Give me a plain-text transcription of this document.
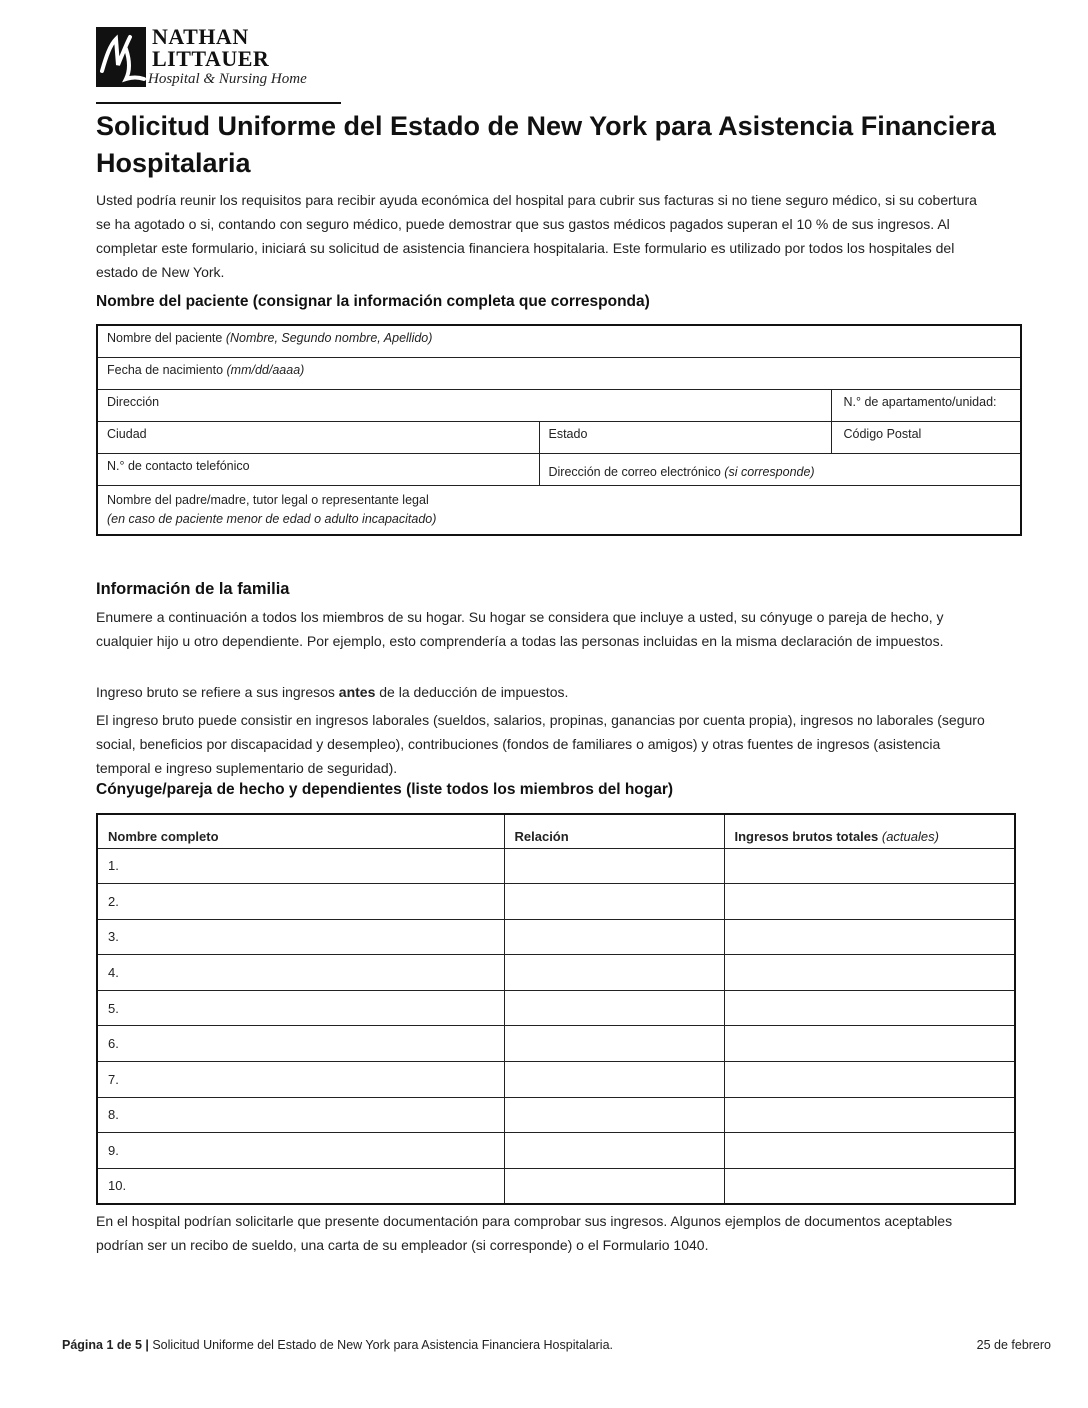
NATHAN
LITTAUER
Hospital & Nursing Home
Solicitud Uniforme del Estado de New York para Asistencia Financiera Hospitalaria

Usted podría reunir los requisitos para recibir ayuda económica del hospital para cubrir sus facturas si no tiene seguro médico, si su cobertura se ha agotado o si, contando con seguro médico, puede demostrar que sus gastos médicos pagados superan el 10 % de sus ingresos. Al completar este formulario, iniciará su solicitud de asistencia financiera hospitalaria. Este formulario es utilizado por todos los hospitales del estado de New York.

Nombre del paciente (consignar la información completa que corresponda)
Nombre del paciente (Nombre, Segundo nombre, Apellido)		
Fecha de nacimiento (mm/dd/aaaa)		
Dirección		N.° de apartamento/unidad:
Ciudad	Estado	Código Postal
N.° de contacto telefónico	Dirección de correo electrónico (si corresponde)	

Nombre del padre/madre, tutor legal o representante legal
(en caso de paciente menor de edad o adulto incapacitado)		
Información de la familia

Enumere a continuación a todos los miembros de su hogar. Su hogar se considera que incluye a usted, su cónyuge o pareja de hecho, y cualquier hijo u otro dependiente. Por ejemplo, esto comprendería a todas las personas incluidas en la misma declaración de impuestos.

Ingreso bruto se refiere a sus ingresos antes de la deducción de impuestos.

El ingreso bruto puede consistir en ingresos laborales (sueldos, salarios, propinas, ganancias por cuenta propia), ingresos no laborales (seguro social, beneficios por discapacidad y desempleo), contribuciones (fondos de familiares o amigos) y otras fuentes de ingresos (asistencia temporal e ingreso suplementario de seguridad).

Cónyuge/pareja de hecho y dependientes (liste todos los miembros del hogar)
Nombre completo	Relación	Ingresos brutos totales (actuales)
1.		
2.		
3.		
4.		
5.		
6.		
7.		
8.		
9.		
10.		

En el hospital podrían solicitarle que presente documentación para comprobar sus ingresos. Algunos ejemplos de documentos aceptables podrían ser un recibo de sueldo, una carta de su empleador (si corresponde) o el Formulario 1040.

Página 1 de 5 | Solicitud Uniforme del Estado de New York para Asistencia Financiera Hospitalaria.	25 de febrero
